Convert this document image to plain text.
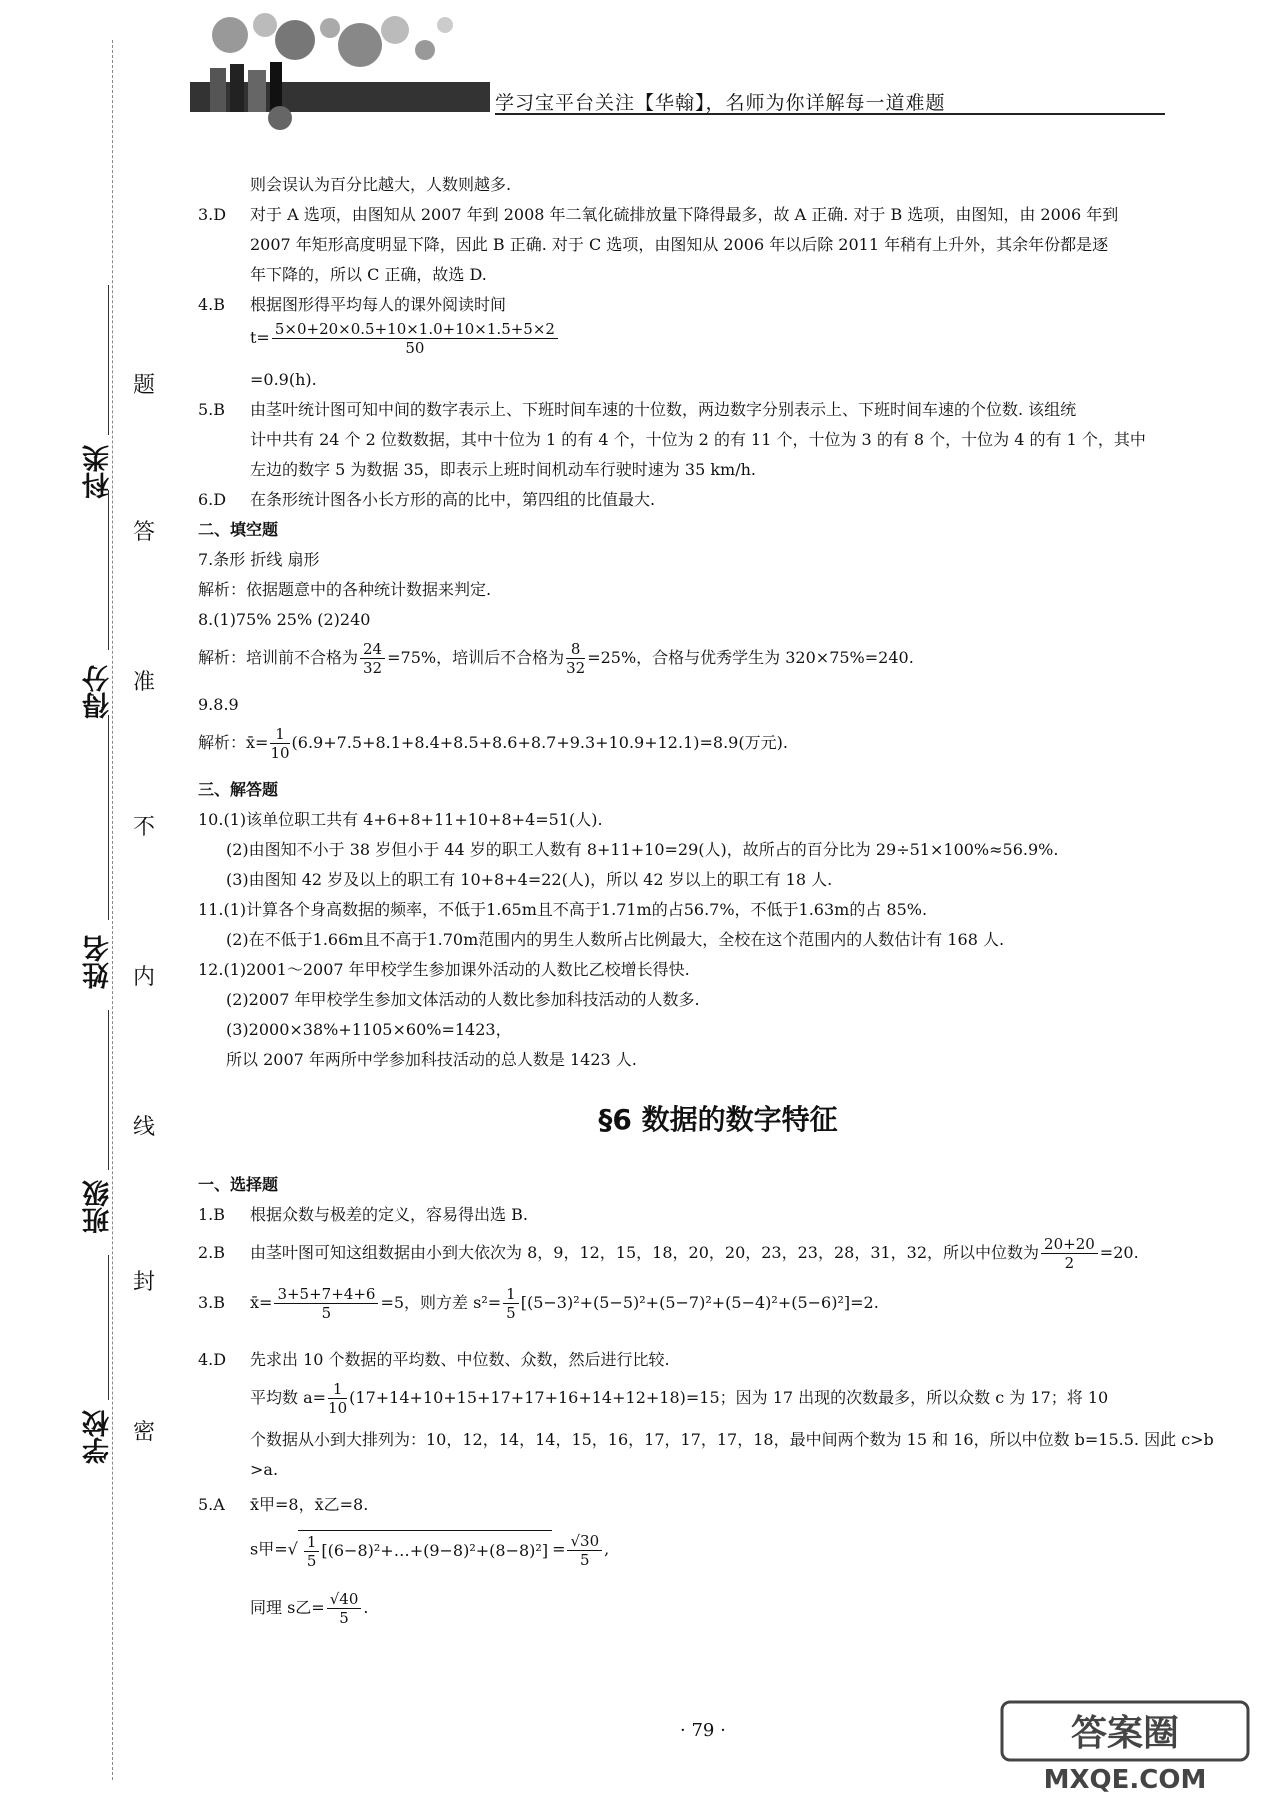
学习宝平台关注【华翰】，名师为你详解每一道难题
科类
得分
姓名
班级
学校
题
答
准
不
内
线
封
密
则会误认为百分比越大，人数则越多.
3.D 对于 A 选项，由图知从 2007 年到 2008 年二氧化硫排放量下降得最多，故 A 正确. 对于 B 选项，由图知，由 2006 年到
2007 年矩形高度明显下降，因此 B 正确. 对于 C 选项，由图知从 2006 年以后除 2011 年稍有上升外，其余年份都是逐
年下降的，所以 C 正确，故选 D.
4.B 根据图形得平均每人的课外阅读时间
$t= \frac{5\times 0+20\times 0.5+10\times 1.0+10\times 1.5+5\times 2}{50}$
=0.9(h).
5.B 由茎叶统计图可知中间的数字表示上、下班时间车速的十位数，两边数字分别表示上、下班时间车速的个位数. 该组统
计中共有 24 个 2 位数数据，其中十位为 1 的有 4 个，十位为 2 的有 11 个，十位为 3 的有 8 个，十位为 4 的有 1 个，其中
左边的数字 5 为数据 35，即表示上班时间机动车行驶时速为 35 km/h.
6.D 在条形统计图各小长方形的高的比中，第四组的比值最大.
二、填空题
7.条形 折线 扇形
解析：依据题意中的各种统计数据来判定.
8.(1)75% 25% (2)240
解析：培训前不合格为 $\frac{24}{32} =75\%$，培训后不合格为 $\frac{8}{32} =25\%$，合格与优秀学生为 320×75%=240.
9.8.9
解析：x̄= $\frac{1}{10} (6.9+7.5+8.1+8.4+8.5+8.6+8.7+9.3+10.9+12.1)=8.9$(万元).
三、解答题
10.(1)该单位职工共有 4+6+8+11+10+8+4=51(人).
(2)由图知不小于 38 岁但小于 44 岁的职工人数有 8+11+10=29(人)，故所占的百分比为 29÷51×100%≈56.9%.
(3)由图知 42 岁及以上的职工有 10+8+4=22(人)，所以 42 岁以上的职工有 18 人.
11.(1)计算各个身高数据的频率，不低于1.65m且不高于1.71m的占56.7%，不低于1.63m的占 85%.
(2)在不低于1.66m且不高于1.70m范围内的男生人数所占比例最大，全校在这个范围内的人数估计有 168 人.
12.(1)2001～2007 年甲校学生参加课外活动的人数比乙校增长得快.
(2)2007 年甲校学生参加文体活动的人数比参加科技活动的人数多.
(3)2000×38%+1105×60%=1423，
所以 2007 年两所中学参加科技活动的总人数是 1423 人.
§6 数据的数字特征
一、选择题
1.B 根据众数与极差的定义，容易得出选 B.
2.B 由茎叶图可知这组数据由小到大依次为 8，9，12，15，18，20，20，23，23，28，31，32，所以中位数为 $\frac{20+20}{2} =20$.
3.B x̄= $\frac{3+5+7+4+6}{5} =5$，则方差 $s^2= \frac{1}{5} [(5-3)^2+(5-5)^2+(5-7)^2+(5-4)^2+(5-6)^2]=2$.
4.D 先求出 10 个数据的平均数、中位数、众数，然后进行比较.
平均数 $a= \frac{1}{10} (17+14+10+15+17+17+16+14+12+18)=15$；因为 17 出现的次数最多，所以众数 c 为 17；将 10
个数据从小到大排列为：10，12，14，14，15，16，17，17，17，18，最中间两个数为 15 和 16，所以中位数 b=15.5. 因此 c>b
>a.
5.A x̄甲=8，x̄乙=8.
s甲=√ $\frac{1}{5}$ [(6−8)²+…+(9−8)²+(8−8)²] = $\frac{√30}{5}$ ,
同理 s乙= $\frac{√40}{5}$ .
· 79 ·	答案圈
MXQE.COM
